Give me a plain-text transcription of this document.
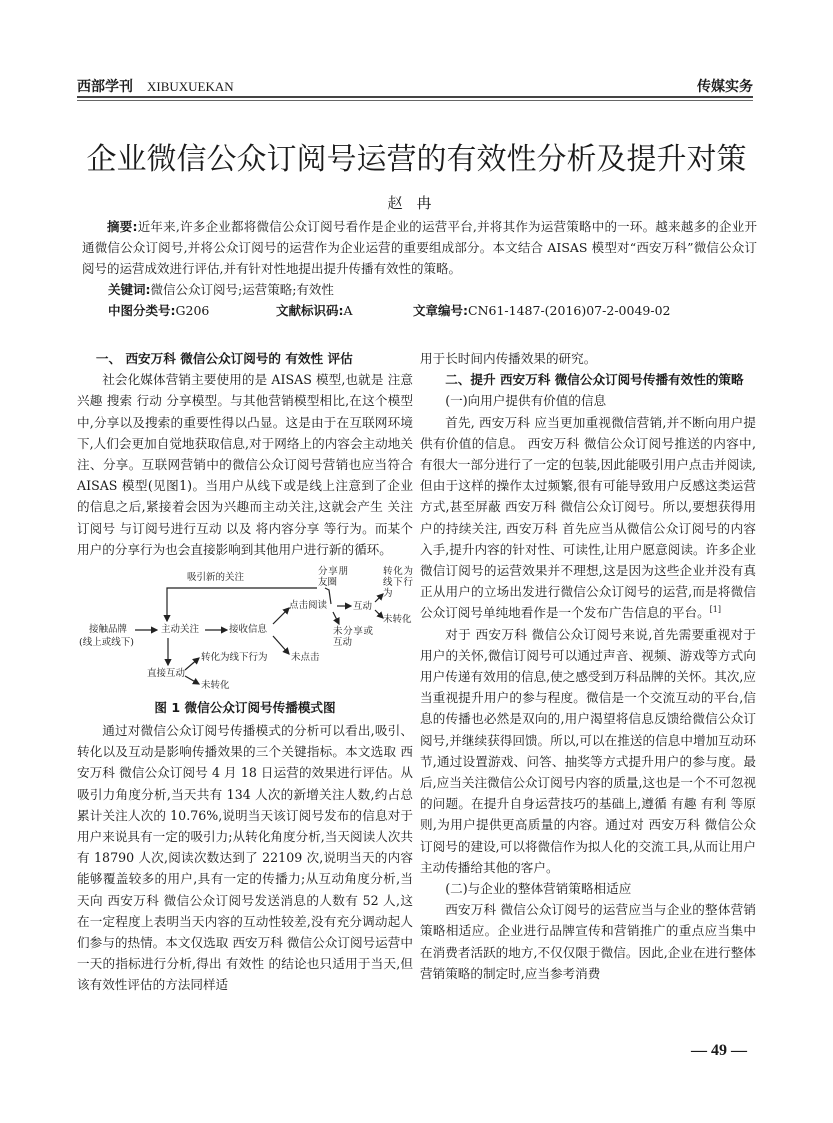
西部学刊 XIBUXUEKAN	传媒实务
企业微信公众订阅号运营的有效性分析及提升对策
赵冉

摘要:近年来,许多企业都将微信公众订阅号看作是企业的运营平台,并将其作为运营策略中的一环。越来越多的企业开通微信公众订阅号,并将公众订阅号的运营作为企业运营的重要组成部分。本文结合 AISAS 模型对“西安万科”微信公众订阅号的运营成效进行评估,并有针对性地提出提升传播有效性的策略。

关键词:微信公众订阅号;运营策略;有效性

中图分类号:G206	文献标识码:A	文章编号:CN61-1487-(2016)07-2-0049-02
一、 西安万科 微信公众订阅号的 有效性 评估

社会化媒体营销主要使用的是 AISAS 模型,也就是 注意 兴趣 搜索 行动 分享模型。与其他营销模型相比,在这个模型中,分享以及搜索的重要性得以凸显。这是由于在互联网环境下,人们会更加自觉地获取信息,对于网络上的内容会主动地关注、分享。互联网营销中的微信公众订阅号营销也应当符合 AISAS 模型(见图1)。当用户从线下或是线上注意到了企业的信息之后,紧接着会因为兴趣而主动关注,这就会产生 关注订阅号 与订阅号进行互动 以及 将内容分享 等行为。而某个用户的分享行为也会直接影响到其他用户进行新的循环。

吸引新的关注
接触品牌
(线上或线下)
主动关注	接收信息
点击阅读
未点击
直接互动
转化为线下行为
未转化
分享朋友圈
互动
未分享或互动
转化为线下行为
未转化
图 1 微信公众订阅号传播模式图

通过对微信公众订阅号传播模式的分析可以看出,吸引、转化以及互动是影响传播效果的三个关键指标。本文选取 西安万科 微信公众订阅号 4 月 18 日运营的效果进行评估。从吸引力角度分析,当天共有 134 人次的新增关注人数,约占总累计关注人次的 10.76%,说明当天该订阅号发布的信息对于用户来说具有一定的吸引力;从转化角度分析,当天阅读人次共有 18790 人次,阅读次数达到了 22109 次,说明当天的内容能够覆盖较多的用户,具有一定的传播力;从互动角度分析,当天向 西安万科 微信公众订阅号发送消息的人数有 52 人,这在一定程度上表明当天内容的互动性较差,没有充分调动起人们参与的热情。本文仅选取 西安万科 微信公众订阅号运营中一天的指标进行分析,得出 有效性 的结论也只适用于当天,但该有效性评估的方法同样适

用于长时间内传播效果的研究。

二、提升 西安万科 微信公众订阅号传播有效性的策略
(一)向用户提供有价值的信息

首先, 西安万科 应当更加重视微信营销,并不断向用户提供有价值的信息。 西安万科 微信公众订阅号推送的内容中,有很大一部分进行了一定的包装,因此能吸引用户点击并阅读,但由于这样的操作太过频繁,很有可能导致用户反感这类运营方式,甚至屏蔽 西安万科 微信公众订阅号。所以,要想获得用户的持续关注, 西安万科 首先应当从微信公众订阅号的内容入手,提升内容的针对性、可读性,让用户愿意阅读。许多企业微信订阅号的运营效果并不理想,这是因为这些企业并没有真正从用户的立场出发进行微信公众订阅号的运营,而是将微信公众订阅号单纯地看作是一个发布广告信息的平台。[1]

对于 西安万科 微信公众订阅号来说,首先需要重视对于用户的关怀,微信订阅号可以通过声音、视频、游戏等方式向用户传递有效用的信息,使之感受到万科品牌的关怀。其次,应当重视提升用户的参与程度。微信是一个交流互动的平台,信息的传播也必然是双向的,用户渴望将信息反馈给微信公众订阅号,并继续获得回馈。所以,可以在推送的信息中增加互动环节,通过设置游戏、问答、抽奖等方式提升用户的参与度。最后,应当关注微信公众订阅号内容的质量,这也是一个不可忽视的问题。在提升自身运营技巧的基础上,遵循 有趣 有利 等原则,为用户提供更高质量的内容。通过对 西安万科 微信公众订阅号的建设,可以将微信作为拟人化的交流工具,从而让用户主动传播给其他的客户。

(二)与企业的整体营销策略相适应

西安万科 微信公众订阅号的运营应当与企业的整体营销策略相适应。企业进行品牌宣传和营销推广的重点应当集中在消费者活跃的地方,不仅仅限于微信。因此,企业在进行整体营销策略的制定时,应当参考消费

— 49 —
